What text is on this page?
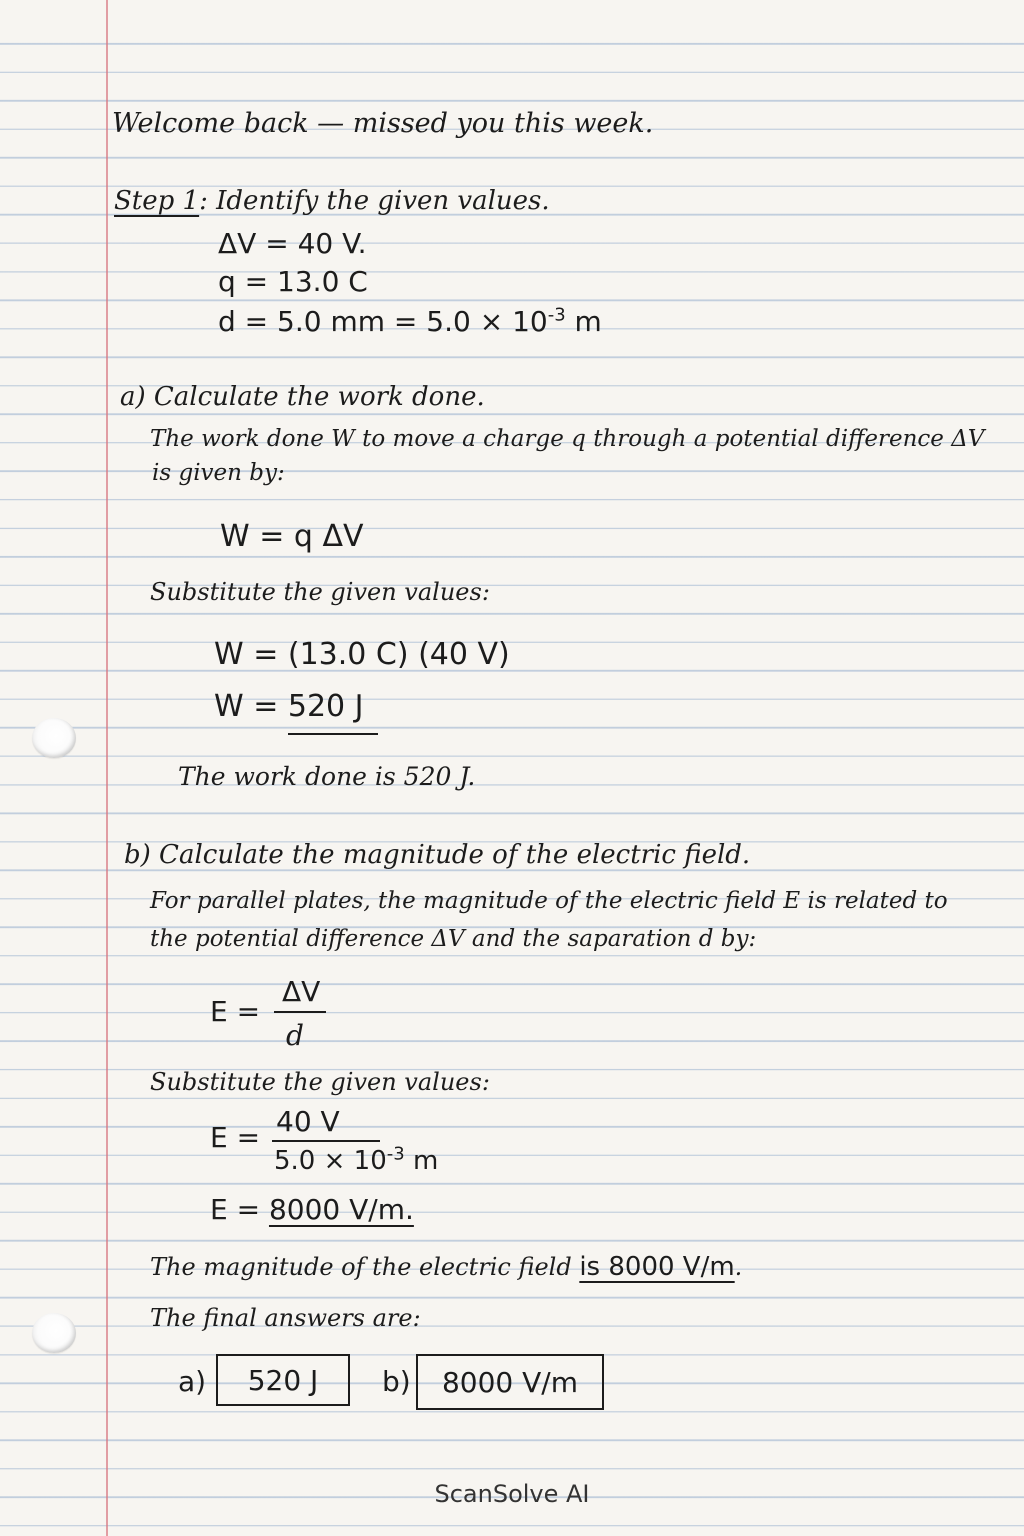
Welcome back — missed you this week.
Step 1: Identify the given values.
ΔV = 40 V.
q = 13.0 C
d = 5.0 mm = $5.0 \times 10^{-3}$ m
a) Calculate the work done.
The work done W to move a charge q through a potential difference ΔV
is given by:
W = q ΔV
Substitute the given values:
W = (13.0 C) (40 V)
W = 520 J
The work done is 520 J.
b) Calculate the magnitude of the electric field.
For parallel plates, the magnitude of the electric field E is related to
the potential difference ΔV and the saparation d by:
E =
ΔV
d
Substitute the given values:
E = 40 V
$5.0 \times 10^{-3}$ m
E = 8000 V/m.
The magnitude of the electric field is 8000 V/m.
The final answers are:
a)	520 J	b)	8000 V/m
ScanSolve AI
